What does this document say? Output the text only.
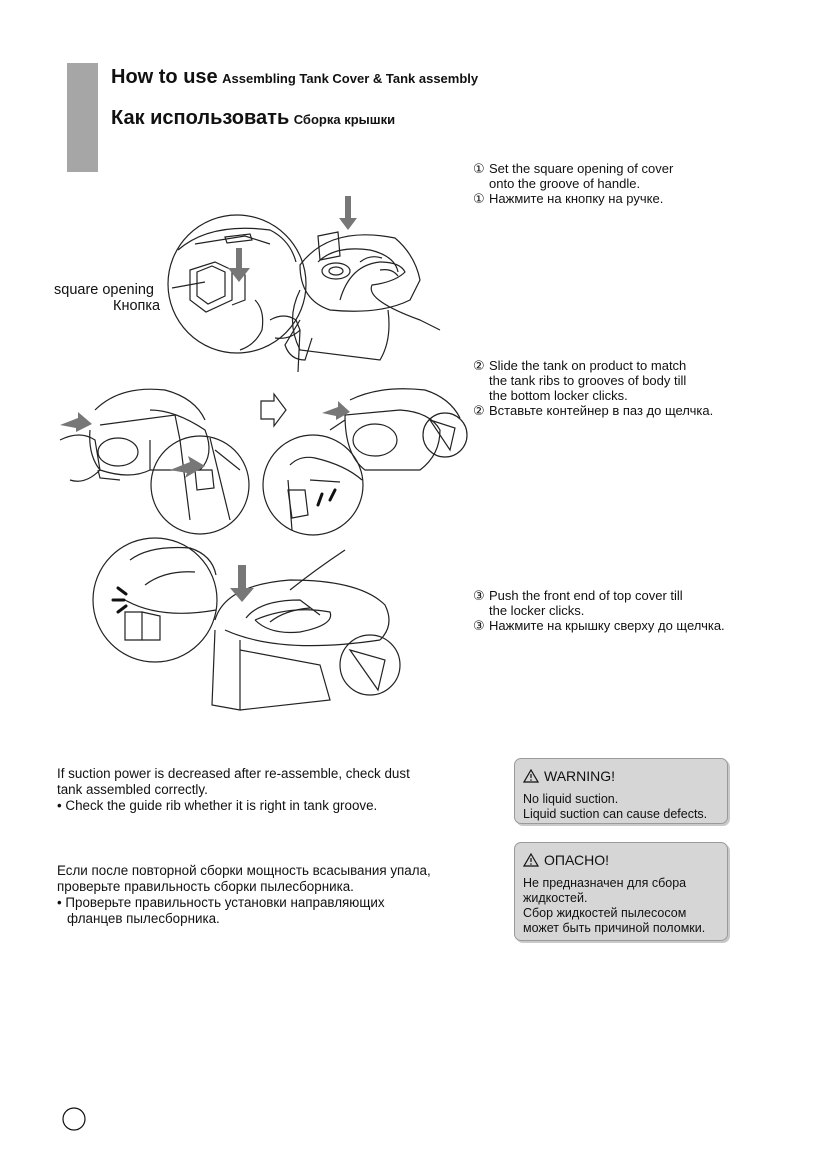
How to use Assembling Tank Cover & Tank assembly
Как использовать Сборка крышки
square opening
Кнопка
① Set the square opening of cover
onto the groove of handle.
① Нажмите на кнопку на ручке.
② Slide the tank on product to match
the tank ribs to grooves of body till
the bottom locker clicks.
② Вставьте контейнер в паз до щелчка.
③ Push the front end of top cover till
the locker clicks.
③ Нажмите на крышку сверху до щелчка.
If suction power is decreased after re-assemble, check dust
tank assembled correctly.
• Check the guide rib whether it is right in tank groove.
Если после повторной сборки мощность всасывания упала,
проверьте правильность сборки пылесборника.
• Проверьте правильность установки направляющих
фланцев пылесборника.
WARNING!
No liquid suction.
Liquid suction can cause defects.
ОПАСНО!
Не предназначен для сбора
жидкостей.
Сбор жидкостей пылесосом
может быть причиной поломки.
